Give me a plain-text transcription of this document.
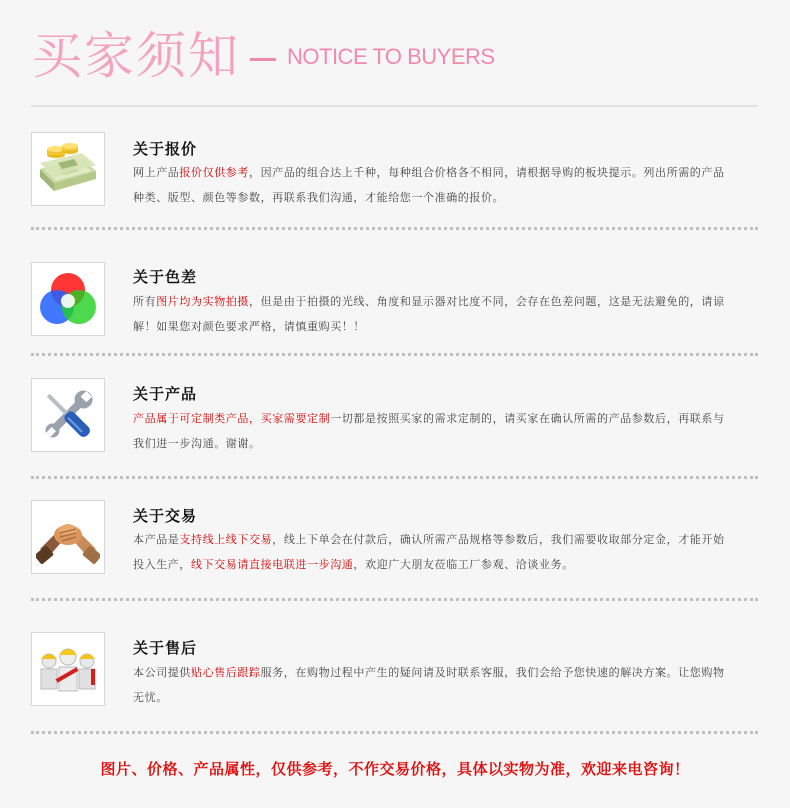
买家须知 NOTICE TO BUYERS
关于报价
网上产品报价仅供参考，因产品的组合达上千种，每种组合价格各不相同，请根据导购的板块提示。列出所需的产品种类、版型、颜色等参数，再联系我们沟通，才能给您一个准确的报价。
关于色差
所有图片均为实物拍摄，但是由于拍摄的光线、角度和显示器对比度不同，会存在色差问题，这是无法避免的，请谅解！如果您对颜色要求严格，请慎重购买！！
关于产品
产品属于可定制类产品，买家需要定制一切都是按照买家的需求定制的，请买家在确认所需的产品参数后，再联系与我们进一步沟通。谢谢。
关于交易
本产品是支持线上线下交易，线上下单会在付款后，确认所需产品规格等参数后，我们需要收取部分定金，才能开始投入生产，线下交易请直接电联进一步沟通，欢迎广大朋友莅临工厂参观、洽谈业务。
关于售后
本公司提供贴心售后跟踪服务，在购物过程中产生的疑问请及时联系客服，我们会给予您快速的解决方案。让您购物无忧。
图片、价格、产品属性，仅供参考，不作交易价格，具体以实物为准，欢迎来电咨询！
